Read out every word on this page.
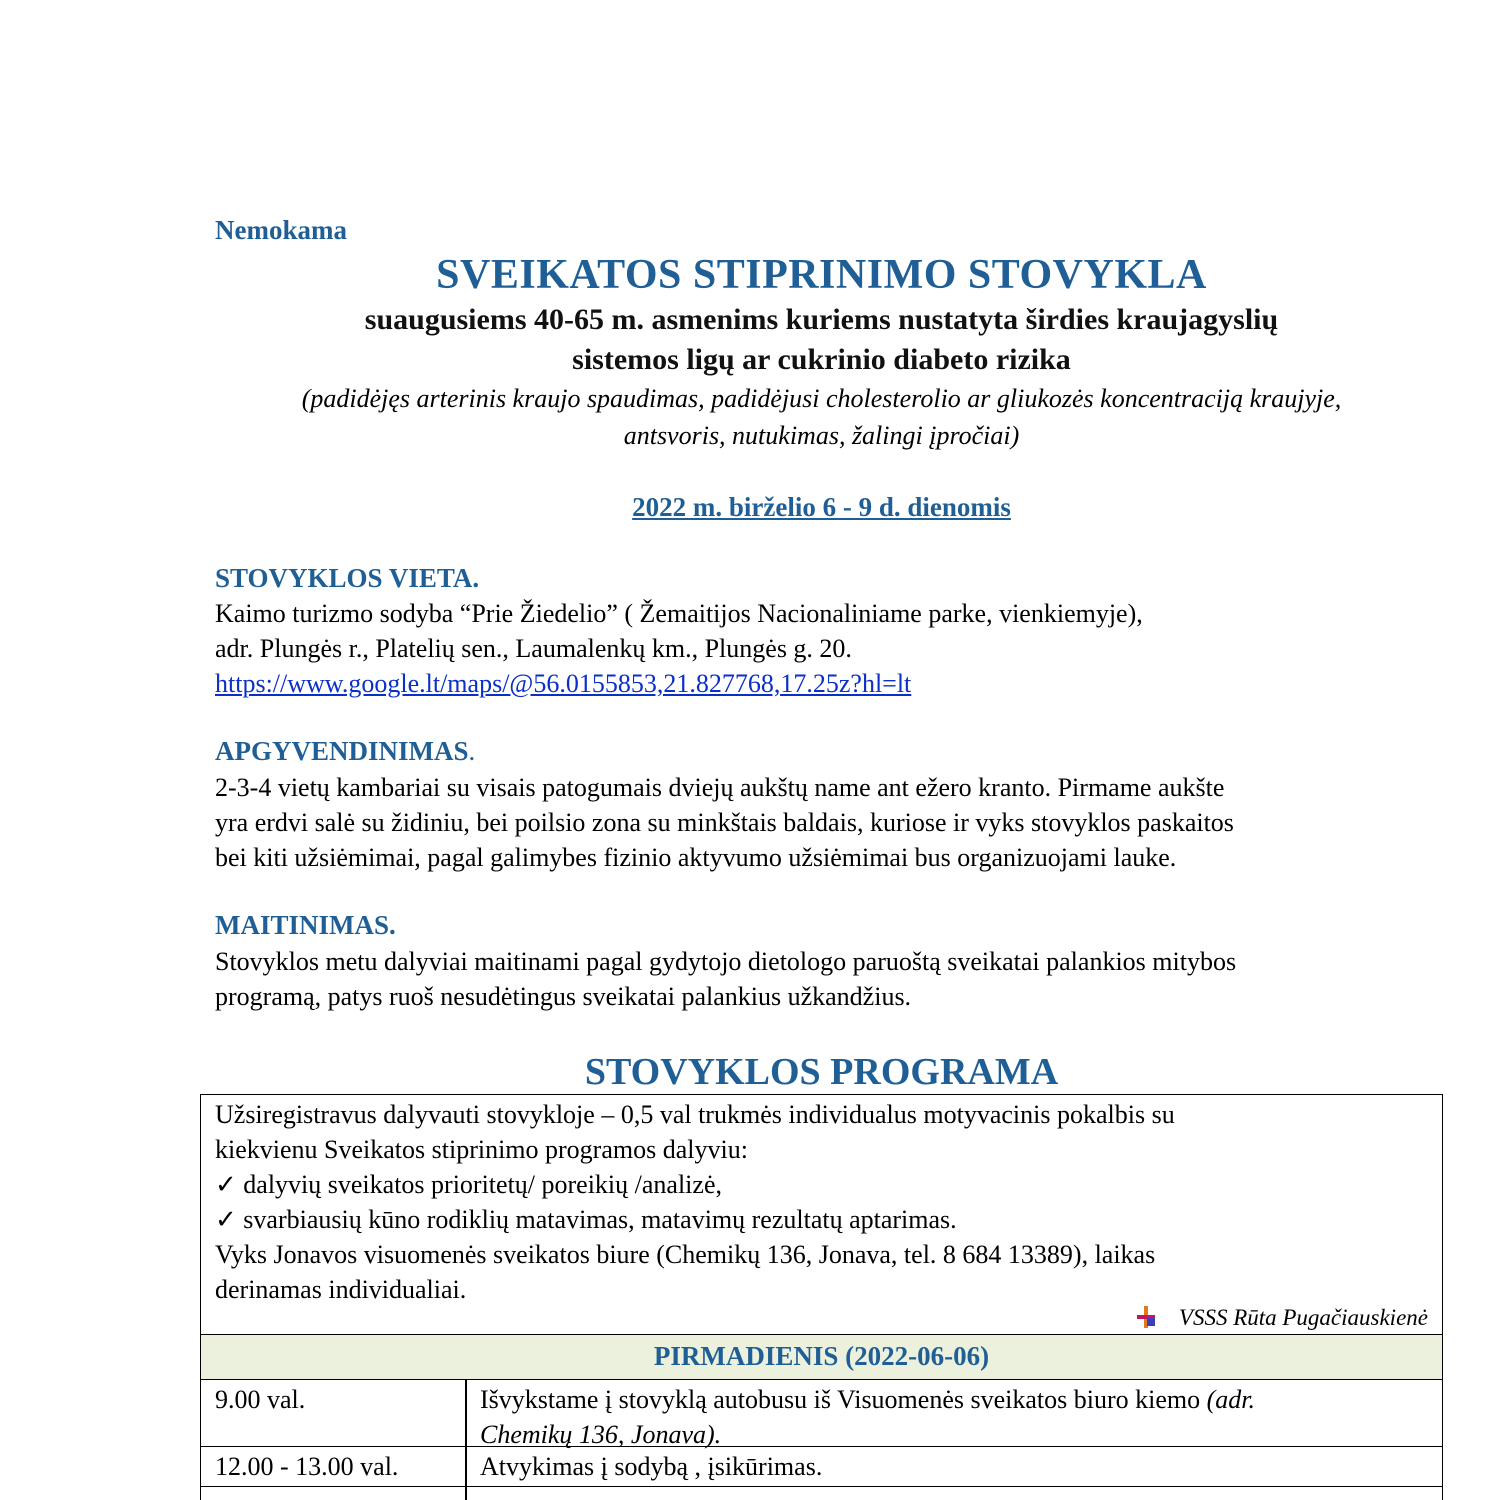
Nemokama
SVEIKATOS STIPRINIMO STOVYKLA
suaugusiems 40-65 m. asmenims kuriems nustatyta širdies kraujagyslių
sistemos ligų ar cukrinio diabeto rizika
(padidėjęs arterinis kraujo spaudimas, padidėjusi cholesterolio ar gliukozės koncentraciją kraujyje,
antsvoris, nutukimas, žalingi įpročiai)
2022 m. birželio 6 - 9 d. dienomis
STOVYKLOS VIETA.
Kaimo turizmo sodyba “Prie Žiedelio” ( Žemaitijos Nacionaliniame parke, vienkiemyje),
adr. Plungės r., Platelių sen., Laumalenkų km., Plungės g. 20.
https://www.google.lt/maps/@56.0155853,21.827768,17.25z?hl=lt
APGYVENDINIMAS.
2-3-4 vietų kambariai su visais patogumais dviejų aukštų name ant ežero kranto. Pirmame aukšte
yra erdvi salė su židiniu, bei poilsio zona su minkštais baldais, kuriose ir vyks stovyklos paskaitos
bei kiti užsiėmimai, pagal galimybes fizinio aktyvumo užsiėmimai bus organizuojami lauke.
MAITINIMAS.
Stovyklos metu dalyviai maitinami pagal gydytojo dietologo paruoštą sveikatai palankios mitybos
programą, patys ruoš nesudėtingus sveikatai palankius užkandžius.
STOVYKLOS PROGRAMA
Užsiregistravus dalyvauti stovykloje – 0,5 val trukmės individualus motyvacinis pokalbis su
kiekvienu Sveikatos stiprinimo programos dalyviu:
✓ dalyvių sveikatos prioritetų/ poreikių /analizė,
✓ svarbiausių kūno rodiklių matavimas, matavimų rezultatų aptarimas.
Vyks Jonavos visuomenės sveikatos biure (Chemikų 136, Jonava, tel. 8 684 13389), laikas
derinamas individualiai.
VSSS Rūta Pugačiauskienė
PIRMADIENIS (2022-06-06)
9.00 val.	Išvykstame į stovyklą autobusu iš Visuomenės sveikatos biuro kiemo (adr.
Chemikų 136, Jonava).
12.00 - 13.00 val.	Atvykimas į sodybą , įsikūrimas.
